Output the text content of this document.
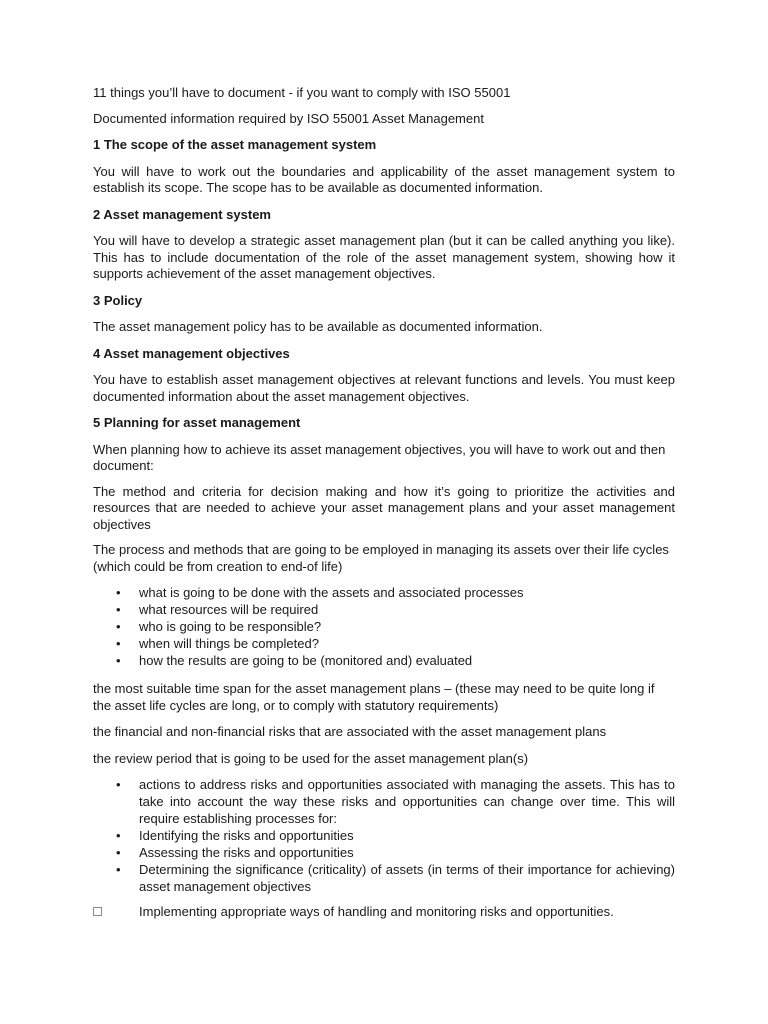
11 things you’ll have to document - if you want to comply with ISO 55001

Documented information required by ISO 55001 Asset Management

1 The scope of the asset management system

You will have to work out the boundaries and applicability of the asset management system to establish its scope. The scope has to be available as documented information.

2 Asset management system

You will have to develop a strategic asset management plan (but it can be called anything you like). This has to include documentation of the role of the asset management system, showing how it supports achievement of the asset management objectives.

3 Policy

The asset management policy has to be available as documented information.

4 Asset management objectives

You have to establish asset management objectives at relevant functions and levels. You must keep documented information about the asset management objectives.

5 Planning for asset management

When planning how to achieve its asset management objectives, you will have to work out and then document:

The method and criteria for decision making and how it’s going to prioritize the activities and resources that are needed to achieve your asset management plans and your asset management objectives

The process and methods that are going to be employed in managing its assets over their life cycles (which could be from creation to end-of life)

• what is going to be done with the assets and associated processes
• what resources will be required
• who is going to be responsible?
• when will things be completed?
• how the results are going to be (monitored and) evaluated

the most suitable time span for the asset management plans – (these may need to be quite long if the asset life cycles are long, or to comply with statutory requirements)

the financial and non-financial risks that are associated with the asset management plans

the review period that is going to be used for the asset management plan(s)

• actions to address risks and opportunities associated with managing the assets. This has to take into account the way these risks and opportunities can change over time. This will require establishing processes for:
• Identifying the risks and opportunities
• Assessing the risks and opportunities
• Determining the significance (criticality) of assets (in terms of their importance for achieving) asset management objectives
Implementing appropriate ways of handling and monitoring risks and opportunities.
